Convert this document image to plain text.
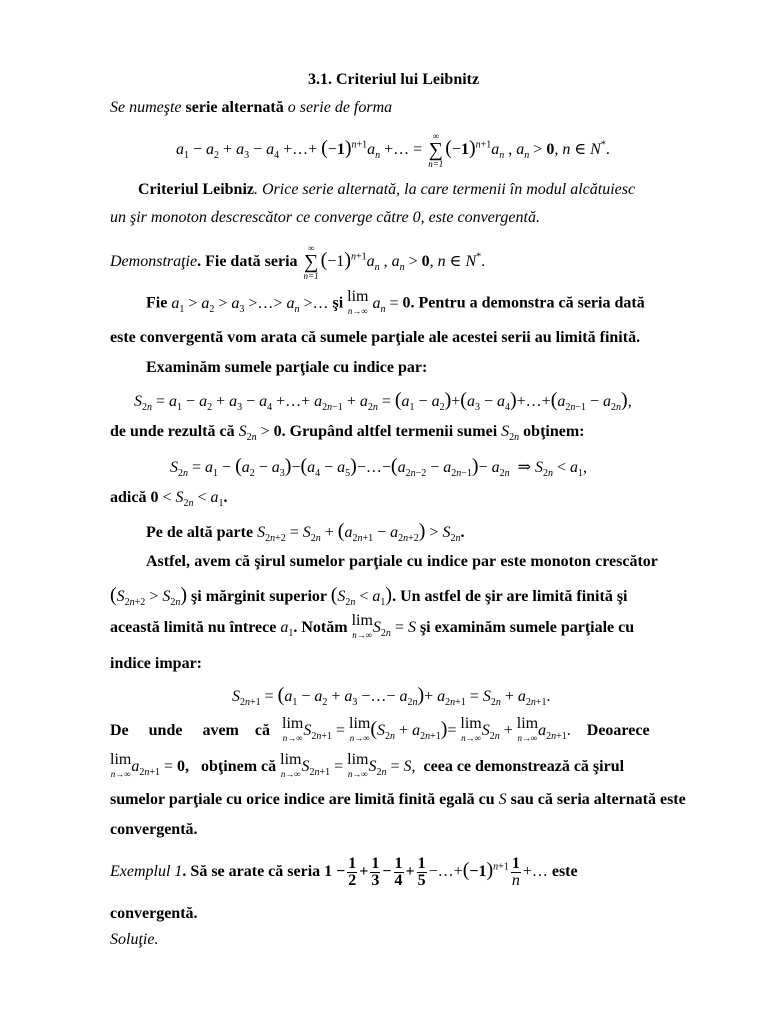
3.1. Criteriul lui Leibnitz
Se numeşte serie alternată o serie de forma
$a_1 - a_2 + a_3 - a_4$ +…+ $(-1)^{n+1}a_n$ +… =
∞
∑
n=1
$(-1)^{n+1}a_n$ , $a_n > 0$, n ∈ N*.
Criteriul Leibniz. Orice serie alternată, la care termenii în modul alcătuiesc
un şir monoton descrescător ce converge către 0, este convergentă.
Demonstraţie. Fie dată seria
∞
∑
n=1
$(-1)^{n+1}a_n$ , $a_n > 0$, n ∈ N*.
Fie $a_1 > a_2 > a_3$ >…> $a_n$ >… şi lim
n→∞ $a_n = 0$. Pentru a demonstra că seria dată
este convergentă vom arata că sumele parţiale ale acestei serii au limită finită.
Examinăm sumele parţiale cu indice par:
$S_{2n} = a_1 - a_2 + a_3 - a_4$ +…+ $a_{2n-1} + a_{2n} = (a_1 - a_2)+(a_3$ − $a_4)+\dots+(a_{2n-1} - a_{2n})$,
de unde rezultă că $S_{2n} > 0$. Grupând altfel termenii sumei $S_{2n}$ obţinem:
$S_{2n} = a_1 - (a_2 - a_3)-(a_4$ − $a_5)-\dots-(a_{2n-2} - a_{2n-1})- a_{2n}$  ⇒ $S_{2n} < a_1$,
adică $0 < S_{2n} < a_1$.
Pe de altă parte $S_{2n+2} = S_{2n} + (a_{2n+1} - a_{2n+2}) > S_{2n}$.
Astfel, avem că şirul sumelor parţiale cu indice par este monoton crescător
$(S_{2n+2} > S_{2n})$ şi mărginit superior $(S_{2n} < a_1)$. Un astfel de şir are limită finită şi
această limită nu întrece $a_1$. Notăm lim
n→∞ $S_{2n} = S$ şi examinăm sumele parţiale cu
indice impar:
$S_{2n+1} = (a_1 - a_2 + a_3$ −…− $a_{2n})+ a_{2n+1} = S_{2n} + a_{2n+1}$.
De unde avem că lim
n→∞ $S_{2n+1} = \lim$
n→∞ $(S_{2n} + a_{2n+1})= \lim$
n→∞ $S_{2n} + \lim$
n→∞ $a_{2n+1}$. Deoarece
lim
n→∞ $a_{2n+1} = 0$,   obţinem că lim
n→∞ $S_{2n+1} = \lim$
n→∞ $S_{2n} = S$, ceea ce demonstrează că şirul
sumelor parţiale cu orice indice are limită finită egală cu S sau că seria alternată este
convergentă.
Exemplul 1. Să se arate că seria $1 - \frac{1}{2} + \frac{1}{3} - \frac{1}{4} + \frac{1}{5}$ $-\dots+(-1)^{n+1} \frac{1}{n}$ +… este
convergentă.
Soluţie.
